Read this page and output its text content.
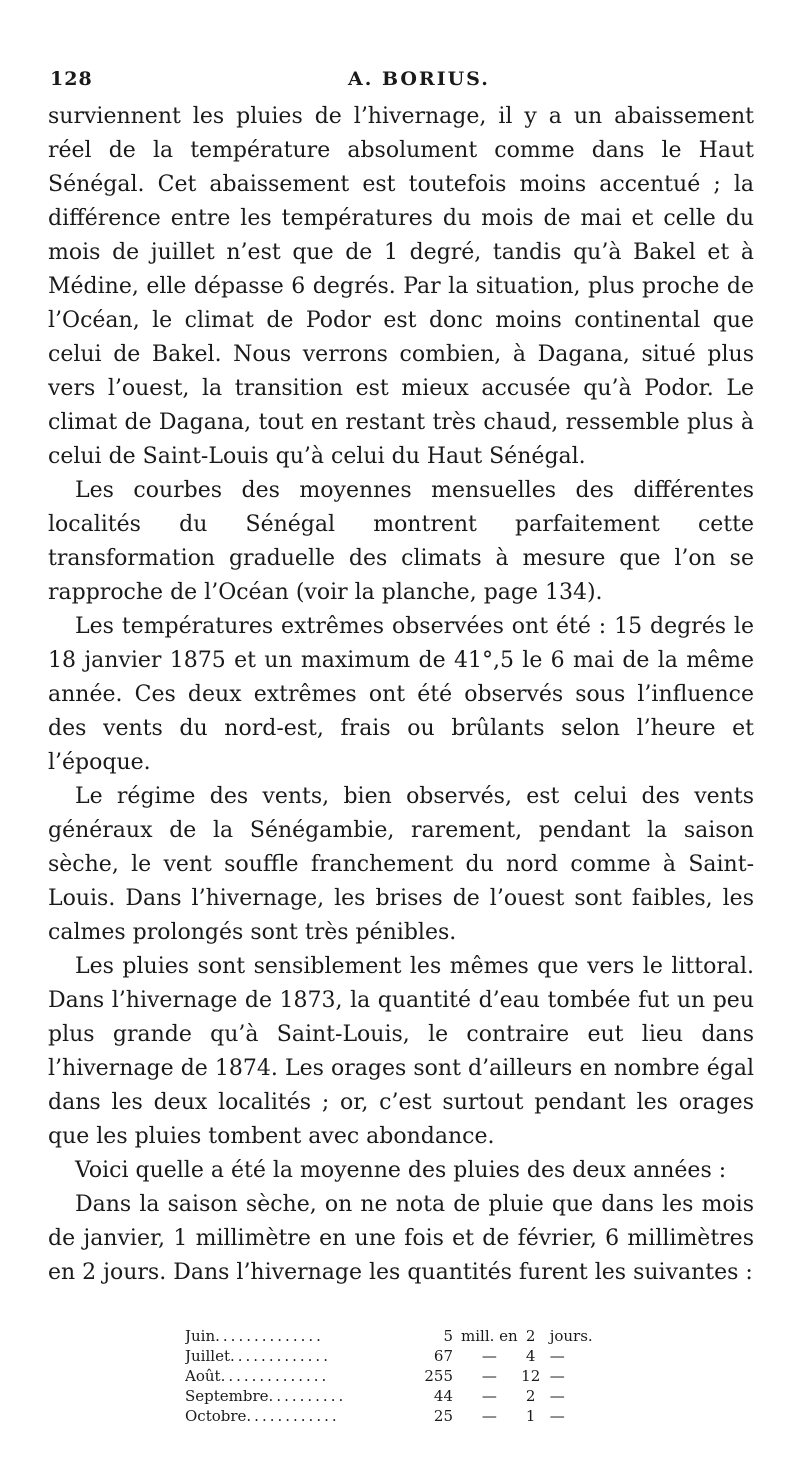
128	A. BORIUS.

surviennent les pluies de l’hivernage, il y a un abaissement réel de la température absolument comme dans le Haut Sénégal. Cet abaissement est toutefois moins accentué ; la différence entre les températures du mois de mai et celle du mois de juillet n’est que de 1 degré, tandis qu’à Bakel et à Médine, elle dépasse 6 degrés. Par la situation, plus proche de l’Océan, le climat de Podor est donc moins continental que celui de Bakel. Nous verrons combien, à Dagana, situé plus vers l’ouest, la transition est mieux accusée qu’à Podor. Le climat de Dagana, tout en restant très chaud, ressemble plus à celui de Saint-Louis qu’à celui du Haut Sénégal.

Les courbes des moyennes mensuelles des différentes localités du Sénégal montrent parfaitement cette transformation graduelle des climats à mesure que l’on se rapproche de l’Océan (voir la planche, page 134).

Les températures extrêmes observées ont été : 15 degrés le 18 janvier 1875 et un maximum de 41°,5 le 6 mai de la même année. Ces deux extrêmes ont été observés sous l’influence des vents du nord-est, frais ou brûlants selon l’heure et l’époque.

Le régime des vents, bien observés, est celui des vents généraux de la Sénégambie, rarement, pendant la saison sèche, le vent souffle franchement du nord comme à Saint-Louis. Dans l’hivernage, les brises de l’ouest sont faibles, les calmes prolongés sont très pénibles.

Les pluies sont sensiblement les mêmes que vers le littoral. Dans l’hivernage de 1873, la quantité d’eau tombée fut un peu plus grande qu’à Saint-Louis, le contraire eut lieu dans l’hivernage de 1874. Les orages sont d’ailleurs en nombre égal dans les deux localités ; or, c’est surtout pendant les orages que les pluies tombent avec abondance.

Voici quelle a été la moyenne des pluies des deux années :

Dans la saison sèche, on ne nota de pluie que dans les mois de janvier, 1 millimètre en une fois et de février, 6 millimètres en 2 jours. Dans l’hivernage les quantités furent les suivantes :

Juin..............	5	mill. en	2	jours.
Juillet.............	67	—	4	—
Août..............	255	—	12	—
Septembre..........	44	—	2	—
Octobre............	25	—	1	—
